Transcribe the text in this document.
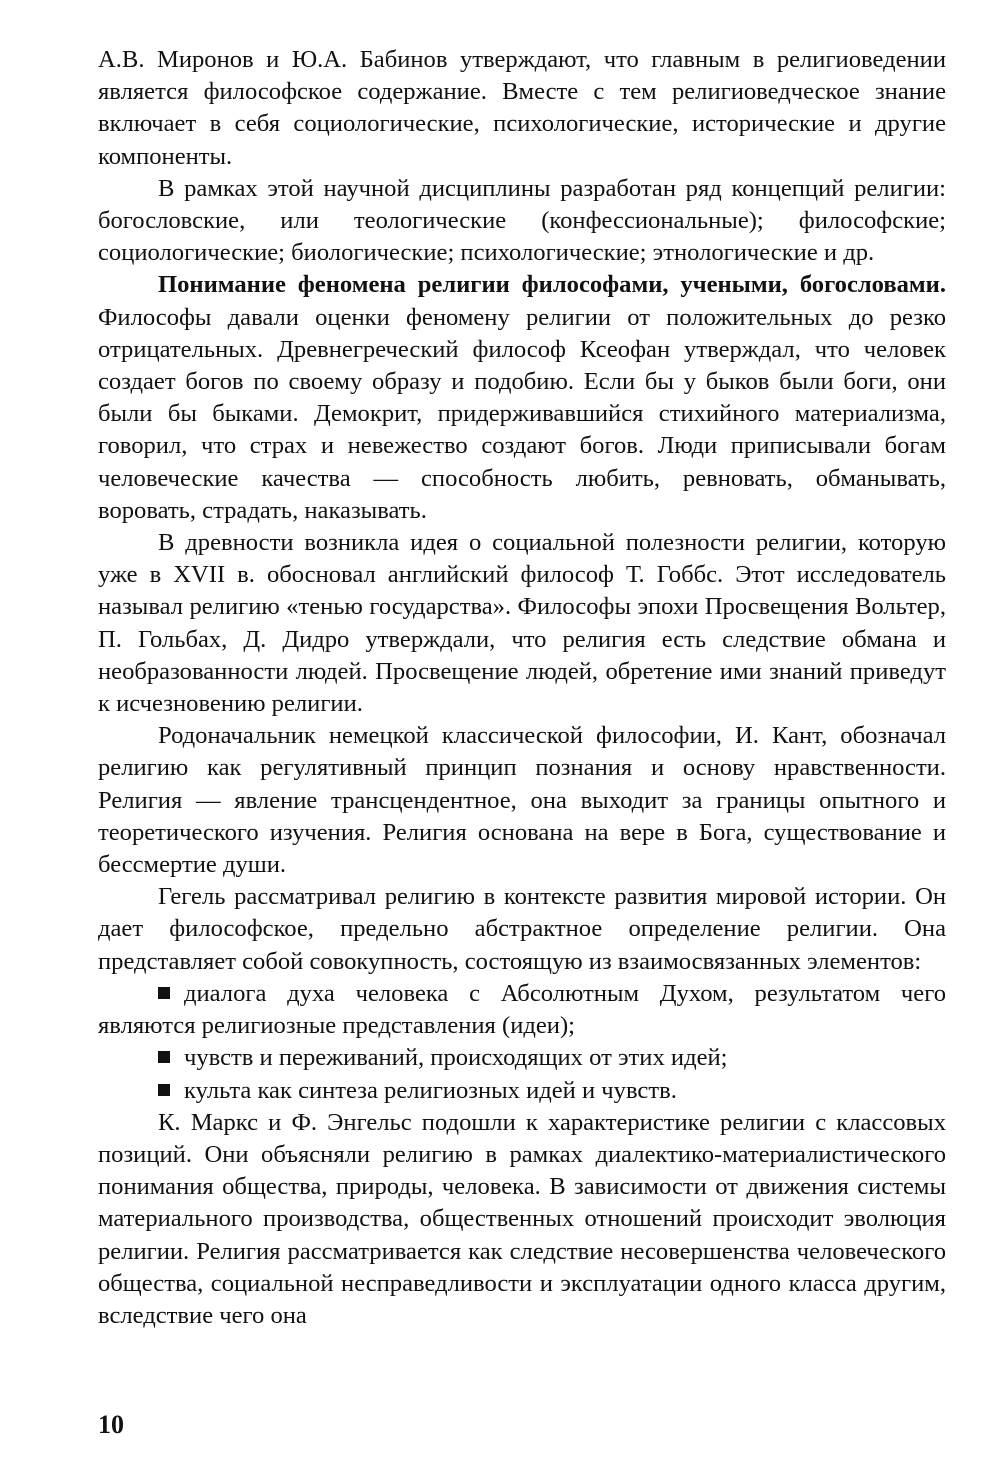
А.В. Миронов и Ю.А. Бабинов утверждают, что главным в религиоведении является философское содержание. Вместе с тем религиоведческое знание включает в себя социологические, психологические, исторические и другие компоненты.

В рамках этой научной дисциплины разработан ряд концепций религии: богословские, или теологические (конфессиональные); философские; социологические; биологические; психологические; этнологические и др.

Понимание феномена религии философами, учеными, богословами. Философы давали оценки феномену религии от положительных до резко отрицательных. Древнегреческий философ Ксеофан утверждал, что человек создает богов по своему образу и подобию. Если бы у быков были боги, они были бы быками. Демокрит, придерживавшийся стихийного материализма, говорил, что страх и невежество создают богов. Люди приписывали богам человеческие качества — способность любить, ревновать, обманывать, воровать, страдать, наказывать.

В древности возникла идея о социальной полезности религии, которую уже в XVII в. обосновал английский философ Т. Гоббс. Этот исследователь называл религию «тенью государства». Философы эпохи Просвещения Вольтер, П. Гольбах, Д. Дидро утверждали, что религия есть следствие обмана и необразованности людей. Просвещение людей, обретение ими знаний приведут к исчезновению религии.

Родоначальник немецкой классической философии, И. Кант, обозначал религию как регулятивный принцип познания и основу нравственности. Религия — явление трансцендентное, она выходит за границы опытного и теоретического изучения. Религия основана на вере в Бога, существование и бессмертие души.

Гегель рассматривал религию в контексте развития мировой истории. Он дает философское, предельно абстрактное определение религии. Она представляет собой совокупность, состоящую из взаимосвязанных элементов:

диалога духа человека с Абсолютным Духом, результатом чего являются религиозные представления (идеи);

чувств и переживаний, происходящих от этих идей;

культа как синтеза религиозных идей и чувств.

К. Маркс и Ф. Энгельс подошли к характеристике религии с классовых позиций. Они объясняли религию в рамках диалектико-материалистического понимания общества, природы, человека. В зависимости от движения системы материального производства, общественных отношений происходит эволюция религии. Религия рассматривается как следствие несовершенства человеческого общества, социальной несправедливости и эксплуатации одного класса другим, вследствие чего она

10
